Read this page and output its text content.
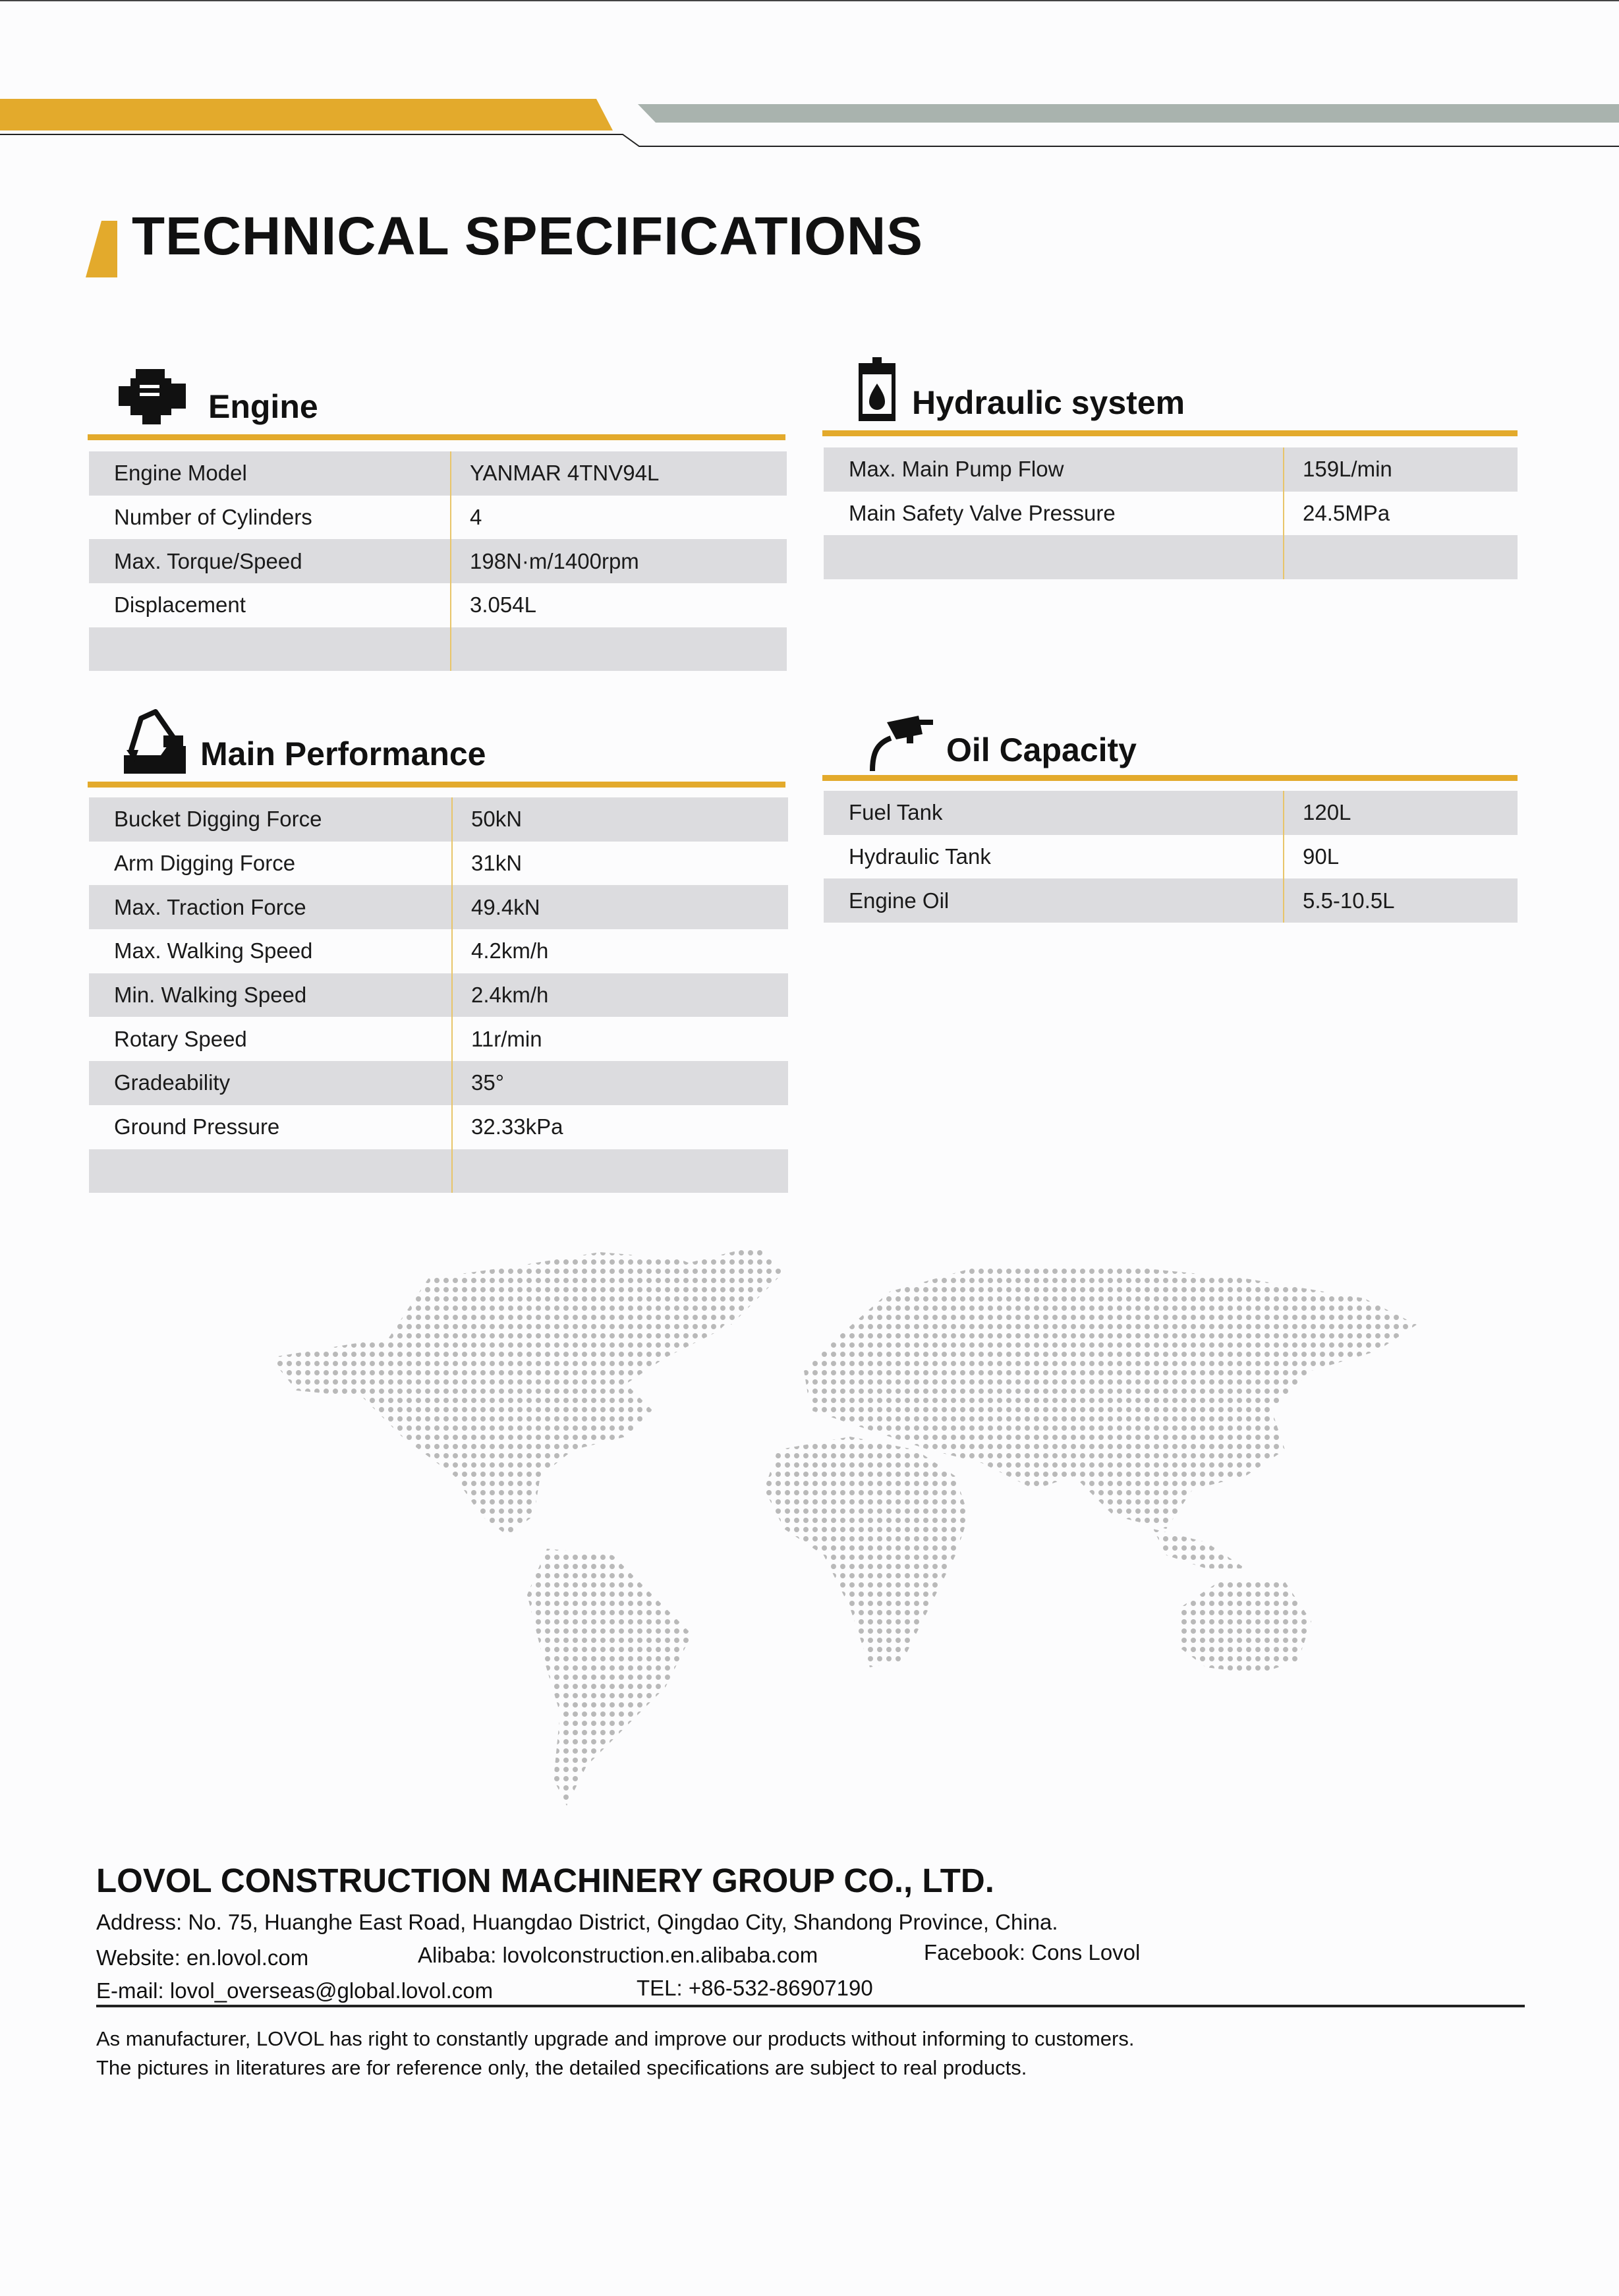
TECHNICAL SPECIFICATIONS
Engine
Engine Model	YANMAR 4TNV94L
Number of Cylinders	4
Max. Torque/Speed	198N·m/1400rpm
Displacement	3.054L

Hydraulic system
Max. Main Pump Flow	159L/min
Main Safety Valve Pressure	24.5MPa

Main Performance
Bucket Digging Force	50kN
Arm Digging Force	31kN
Max. Traction Force	49.4kN
Max. Walking Speed	4.2km/h
Min. Walking Speed	2.4km/h
Rotary Speed	11r/min
Gradeability	35°
Ground Pressure	32.33kPa

Oil Capacity
Fuel Tank	120L
Hydraulic Tank	90L
Engine Oil	5.5-10.5L
LOVOL CONSTRUCTION MACHINERY GROUP CO., LTD.
Address: No. 75, Huanghe East Road, Huangdao District, Qingdao City, Shandong Province, China.
Website: en.lovol.com	Alibaba: lovolconstruction.en.alibaba.com	Facebook: Cons Lovol
E-mail: lovol_overseas@global.lovol.com	TEL: +86-532-86907190
As manufacturer, LOVOL has right to constantly upgrade and improve our products without informing to customers.
The pictures in literatures are for reference only, the detailed specifications are subject to real products.
